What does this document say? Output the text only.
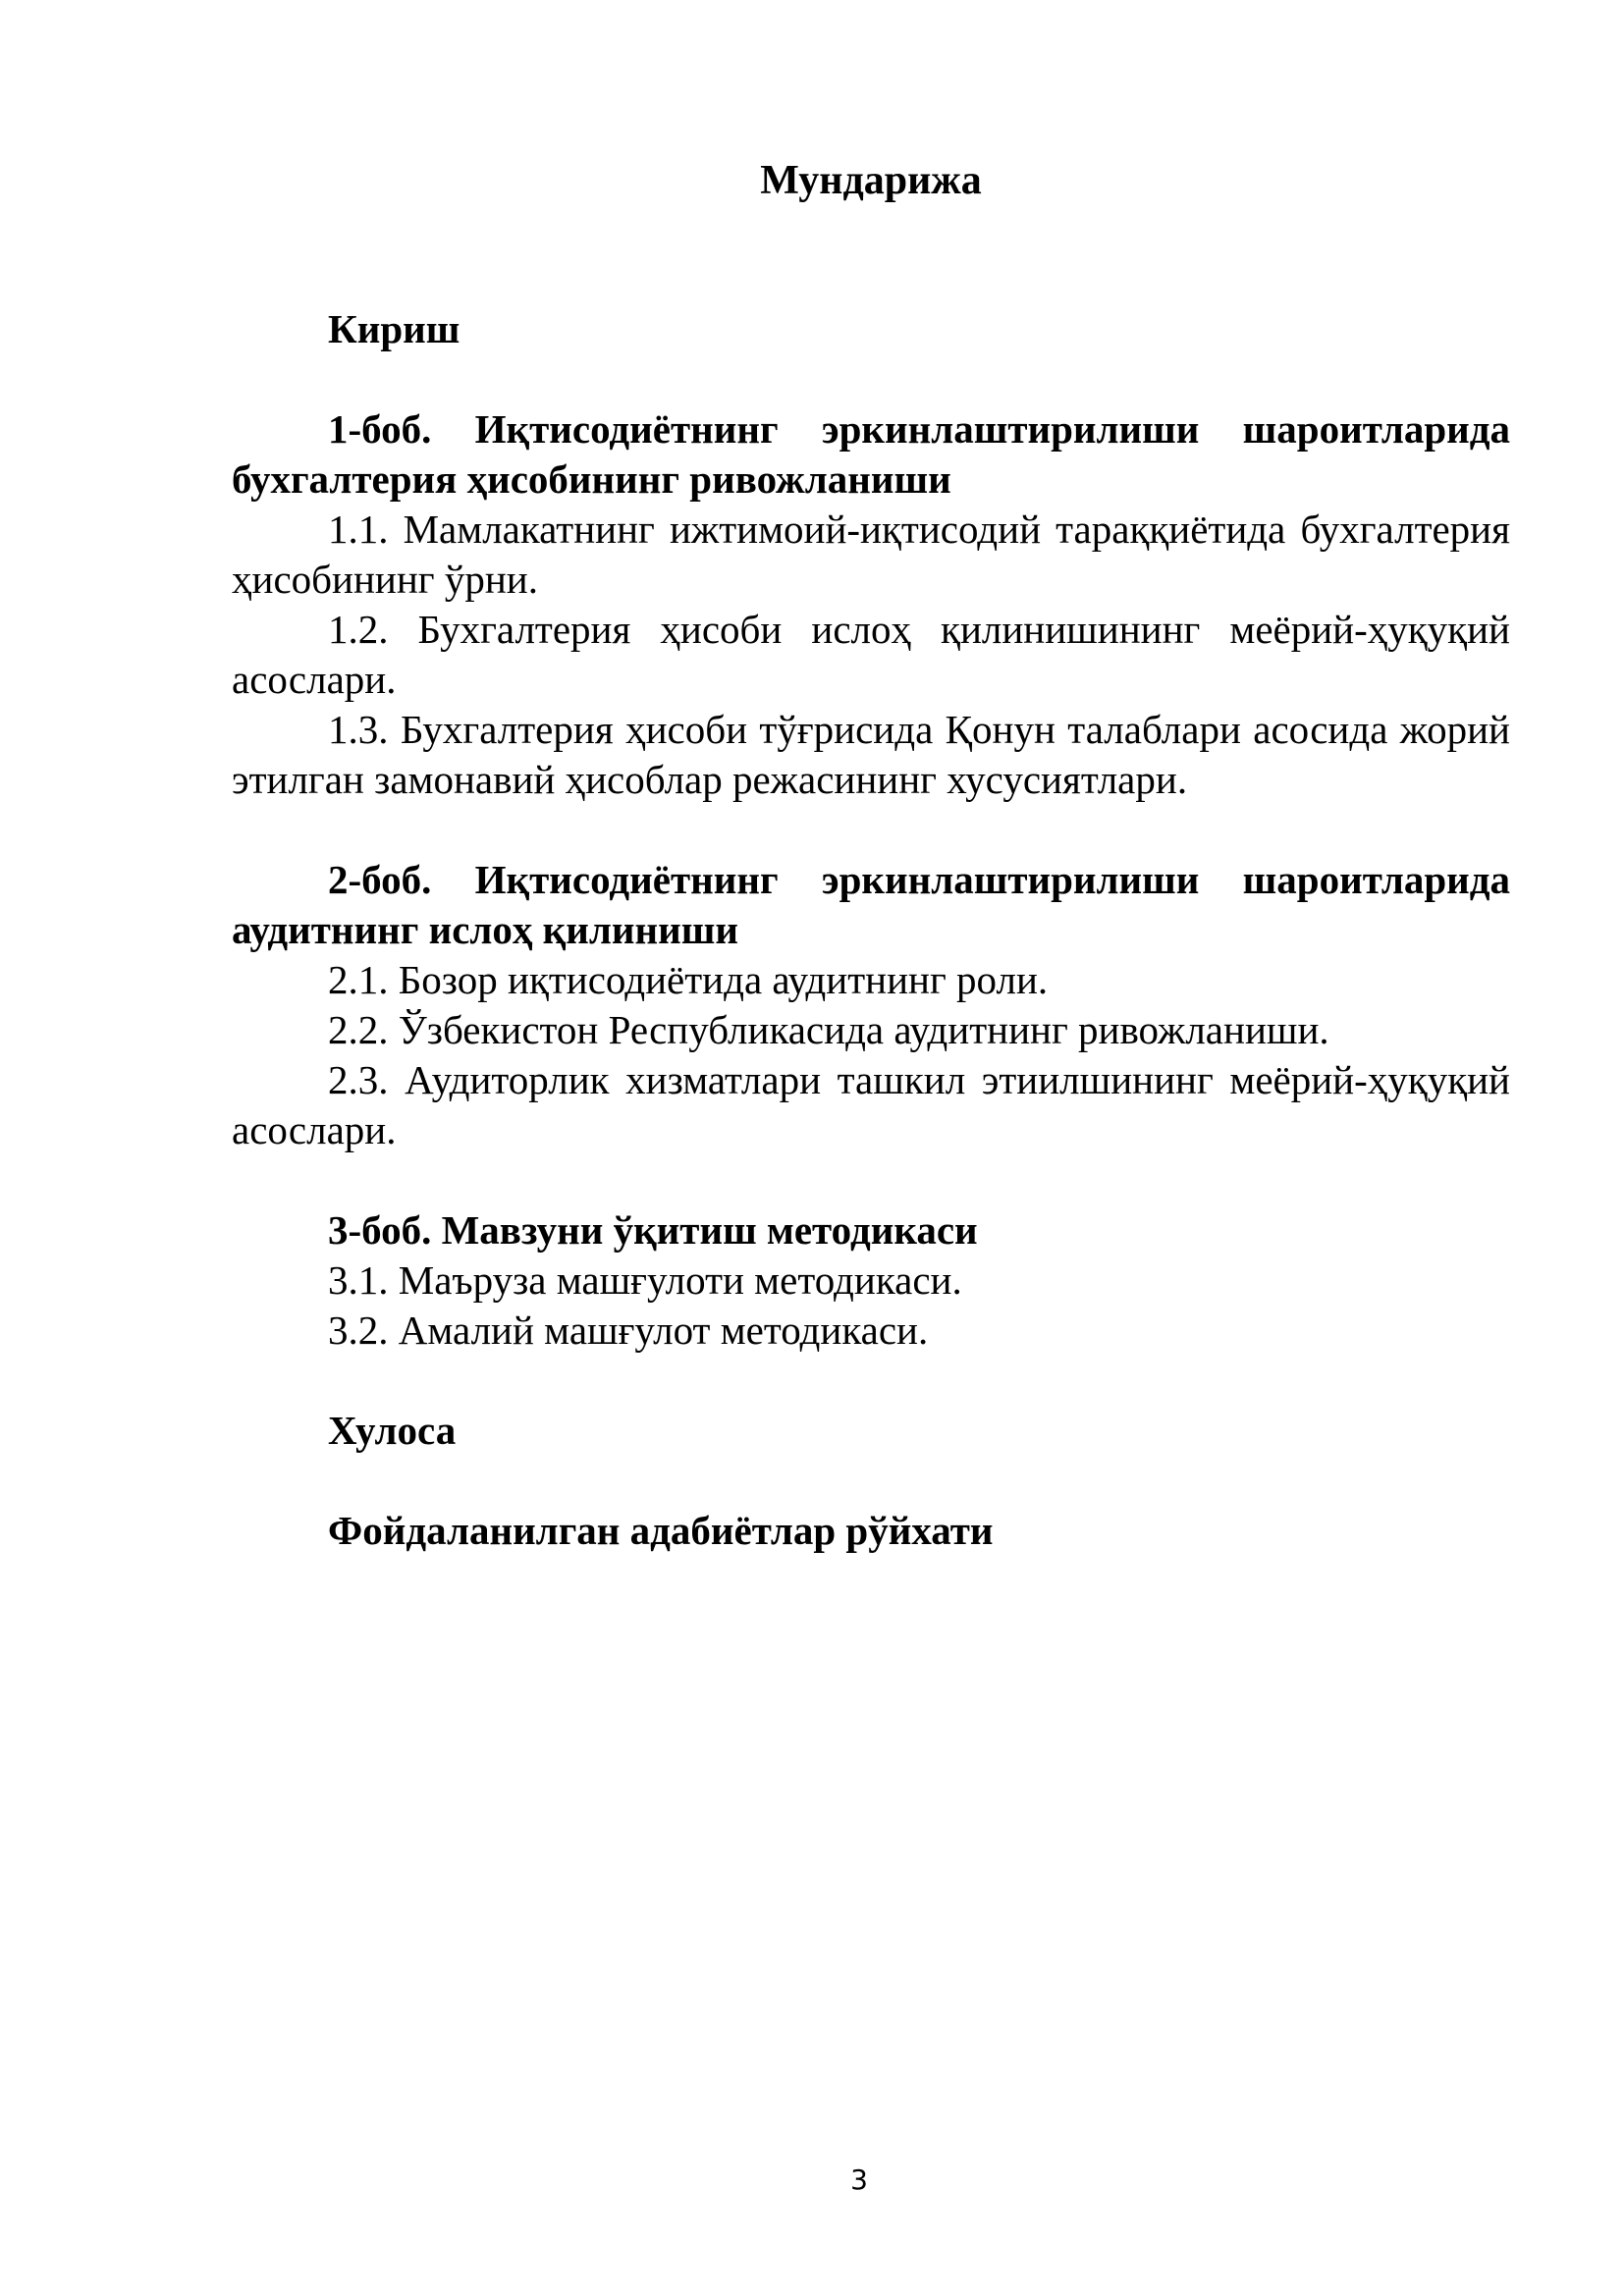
Мундарижа

Кириш

1-боб. Иқтисодиётнинг эркинлаштирилиши шароитларида бухгалтерия ҳисобининг ривожланиши

1.1. Мамлакатнинг ижтимоий-иқтисодий тараққиётида бухгалтерия ҳисобининг ўрни.

1.2. Бухгалтерия ҳисоби ислоҳ қилинишининг меёрий-ҳуқуқий асослари.

1.3. Бухгалтерия ҳисоби тўғрисида Қонун талаблари асосида жорий этилган замонавий ҳисоблар режасининг хусусиятлари.

2-боб. Иқтисодиётнинг эркинлаштирилиши шароитларида аудитнинг ислоҳ қилиниши

2.1. Бозор иқтисодиётида аудитнинг роли.

2.2. Ўзбекистон Республикасида аудитнинг ривожланиши.

2.3. Аудиторлик хизматлари ташкил этиилшининг меёрий-ҳуқуқий асослари.

3-боб. Мавзуни ўқитиш методикаси

3.1. Маъруза машғулоти методикаси.

3.2. Амалий машғулот методикаси.

Хулоса

Фойдаланилган адабиётлар рўйхати

3
